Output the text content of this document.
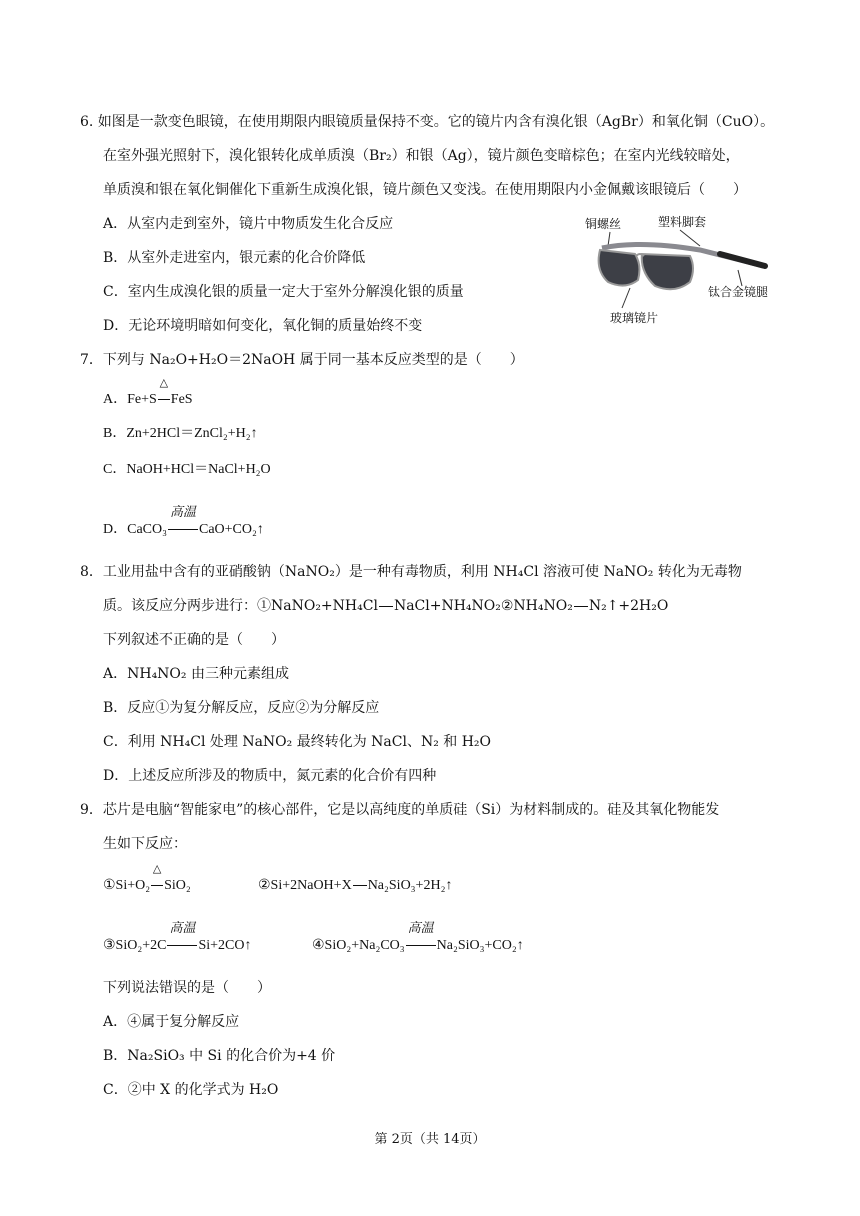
6. 如图是一款变色眼镜，在使用期限内眼镜质量保持不变。它的镜片内含有溴化银（AgBr）和氧化铜（CuO）。
在室外强光照射下，溴化银转化成单质溴（Br₂）和银（Ag），镜片颜色变暗棕色；在室内光线较暗处，
单质溴和银在氧化铜催化下重新生成溴化银，镜片颜色又变浅。在使用期限内小金佩戴该眼镜后（　　）
A．从室内走到室外，镜片中物质发生化合反应
B．从室外走进室内，银元素的化合价降低
C．室内生成溴化银的质量一定大于室外分解溴化银的质量
D．无论环境明暗如何变化，氧化铜的质量始终不变
铜螺丝	塑料脚套
钛合金镜腿
玻璃镜片
7．下列与 Na₂O+H₂O＝2NaOH 属于同一基本反应类型的是（　　）
A．Fe+S
△
FeS
B．Zn+2HCl＝ZnCl₂+H₂↑
C．NaOH+HCl＝NaCl+H₂O
D．CaCO₃
高温
CaO+CO₂↑
8．工业用盐中含有的亚硝酸钠（NaNO₂）是一种有毒物质，利用 NH₄Cl 溶液可使 NaNO₂ 转化为无毒物
质。该反应分两步进行：①NaNO₂+NH₄Cl NaCl+NH₄NO₂②NH₄NO₂ N₂↑+2H₂O
下列叙述不正确的是（　　）
A．NH₄NO₂ 由三种元素组成
B．反应①为复分解反应，反应②为分解反应
C．利用 NH₄Cl 处理 NaNO₂ 最终转化为 NaCl、N₂ 和 H₂O
D．上述反应所涉及的物质中，氮元素的化合价有四种
9．芯片是电脑“智能家电”的核心部件，它是以高纯度的单质硅（Si）为材料制成的。硅及其氧化物能发
生如下反应：
①Si+O₂
△
SiO₂	②Si+2NaOH+X Na₂SiO₃+2H₂↑
③SiO₂+2C
高温
Si+2CO↑	④SiO₂+Na₂CO₃
高温
Na₂SiO₃+CO₂↑
下列说法错误的是（　　）
A．④属于复分解反应
B．Na₂SiO₃ 中 Si 的化合价为+4 价
C．②中 X 的化学式为 H₂O
第 2页（共 14页）
